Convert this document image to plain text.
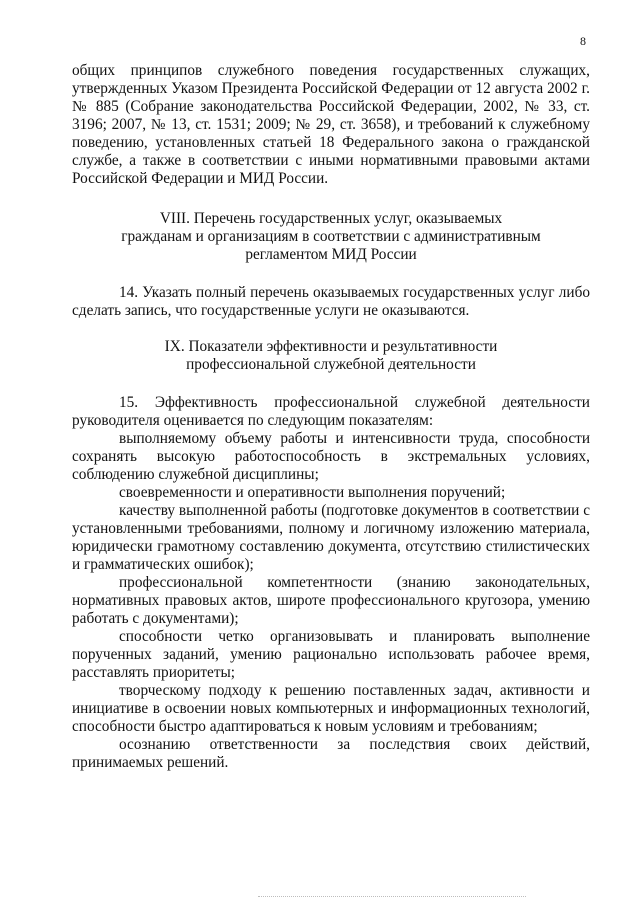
8

общих принципов служебного поведения государственных служащих, утвержденных Указом Президента Российской Федерации от 12 августа 2002 г. № 885 (Собрание законодательства Российской Федерации, 2002, № 33, ст. 3196; 2007, № 13, ст. 1531; 2009; № 29, ст. 3658), и требований к служебному поведению, установленных статьей 18 Федерального закона о гражданской службе, а также в соответствии с иными нормативными правовыми актами Российской Федерации и МИД России.

VIII. Перечень государственных услуг, оказываемых
гражданам и организациям в соответствии с административным
регламентом МИД России

14. Указать полный перечень оказываемых государственных услуг либо сделать запись, что государственные услуги не оказываются.

IX. Показатели эффективности и результативности
профессиональной служебной деятельности

15. Эффективность профессиональной служебной деятельности руководителя оценивается по следующим показателям:

выполняемому объему работы и интенсивности труда, способности сохранять высокую работоспособность в экстремальных условиях, соблюдению служебной дисциплины;

своевременности и оперативности выполнения поручений;

качеству выполненной работы (подготовке документов в соответствии с установленными требованиями, полному и логичному изложению материала, юридически грамотному составлению документа, отсутствию стилистических и грамматических ошибок);

профессиональной компетентности (знанию законодательных, нормативных правовых актов, широте профессионального кругозора, умению работать с документами);

способности четко организовывать и планировать выполнение порученных заданий, умению рационально использовать рабочее время, расставлять приоритеты;

творческому подходу к решению поставленных задач, активности и инициативе в освоении новых компьютерных и информационных технологий, способности быстро адаптироваться к новым условиям и требованиям;

осознанию ответственности за последствия своих действий, принимаемых решений.
